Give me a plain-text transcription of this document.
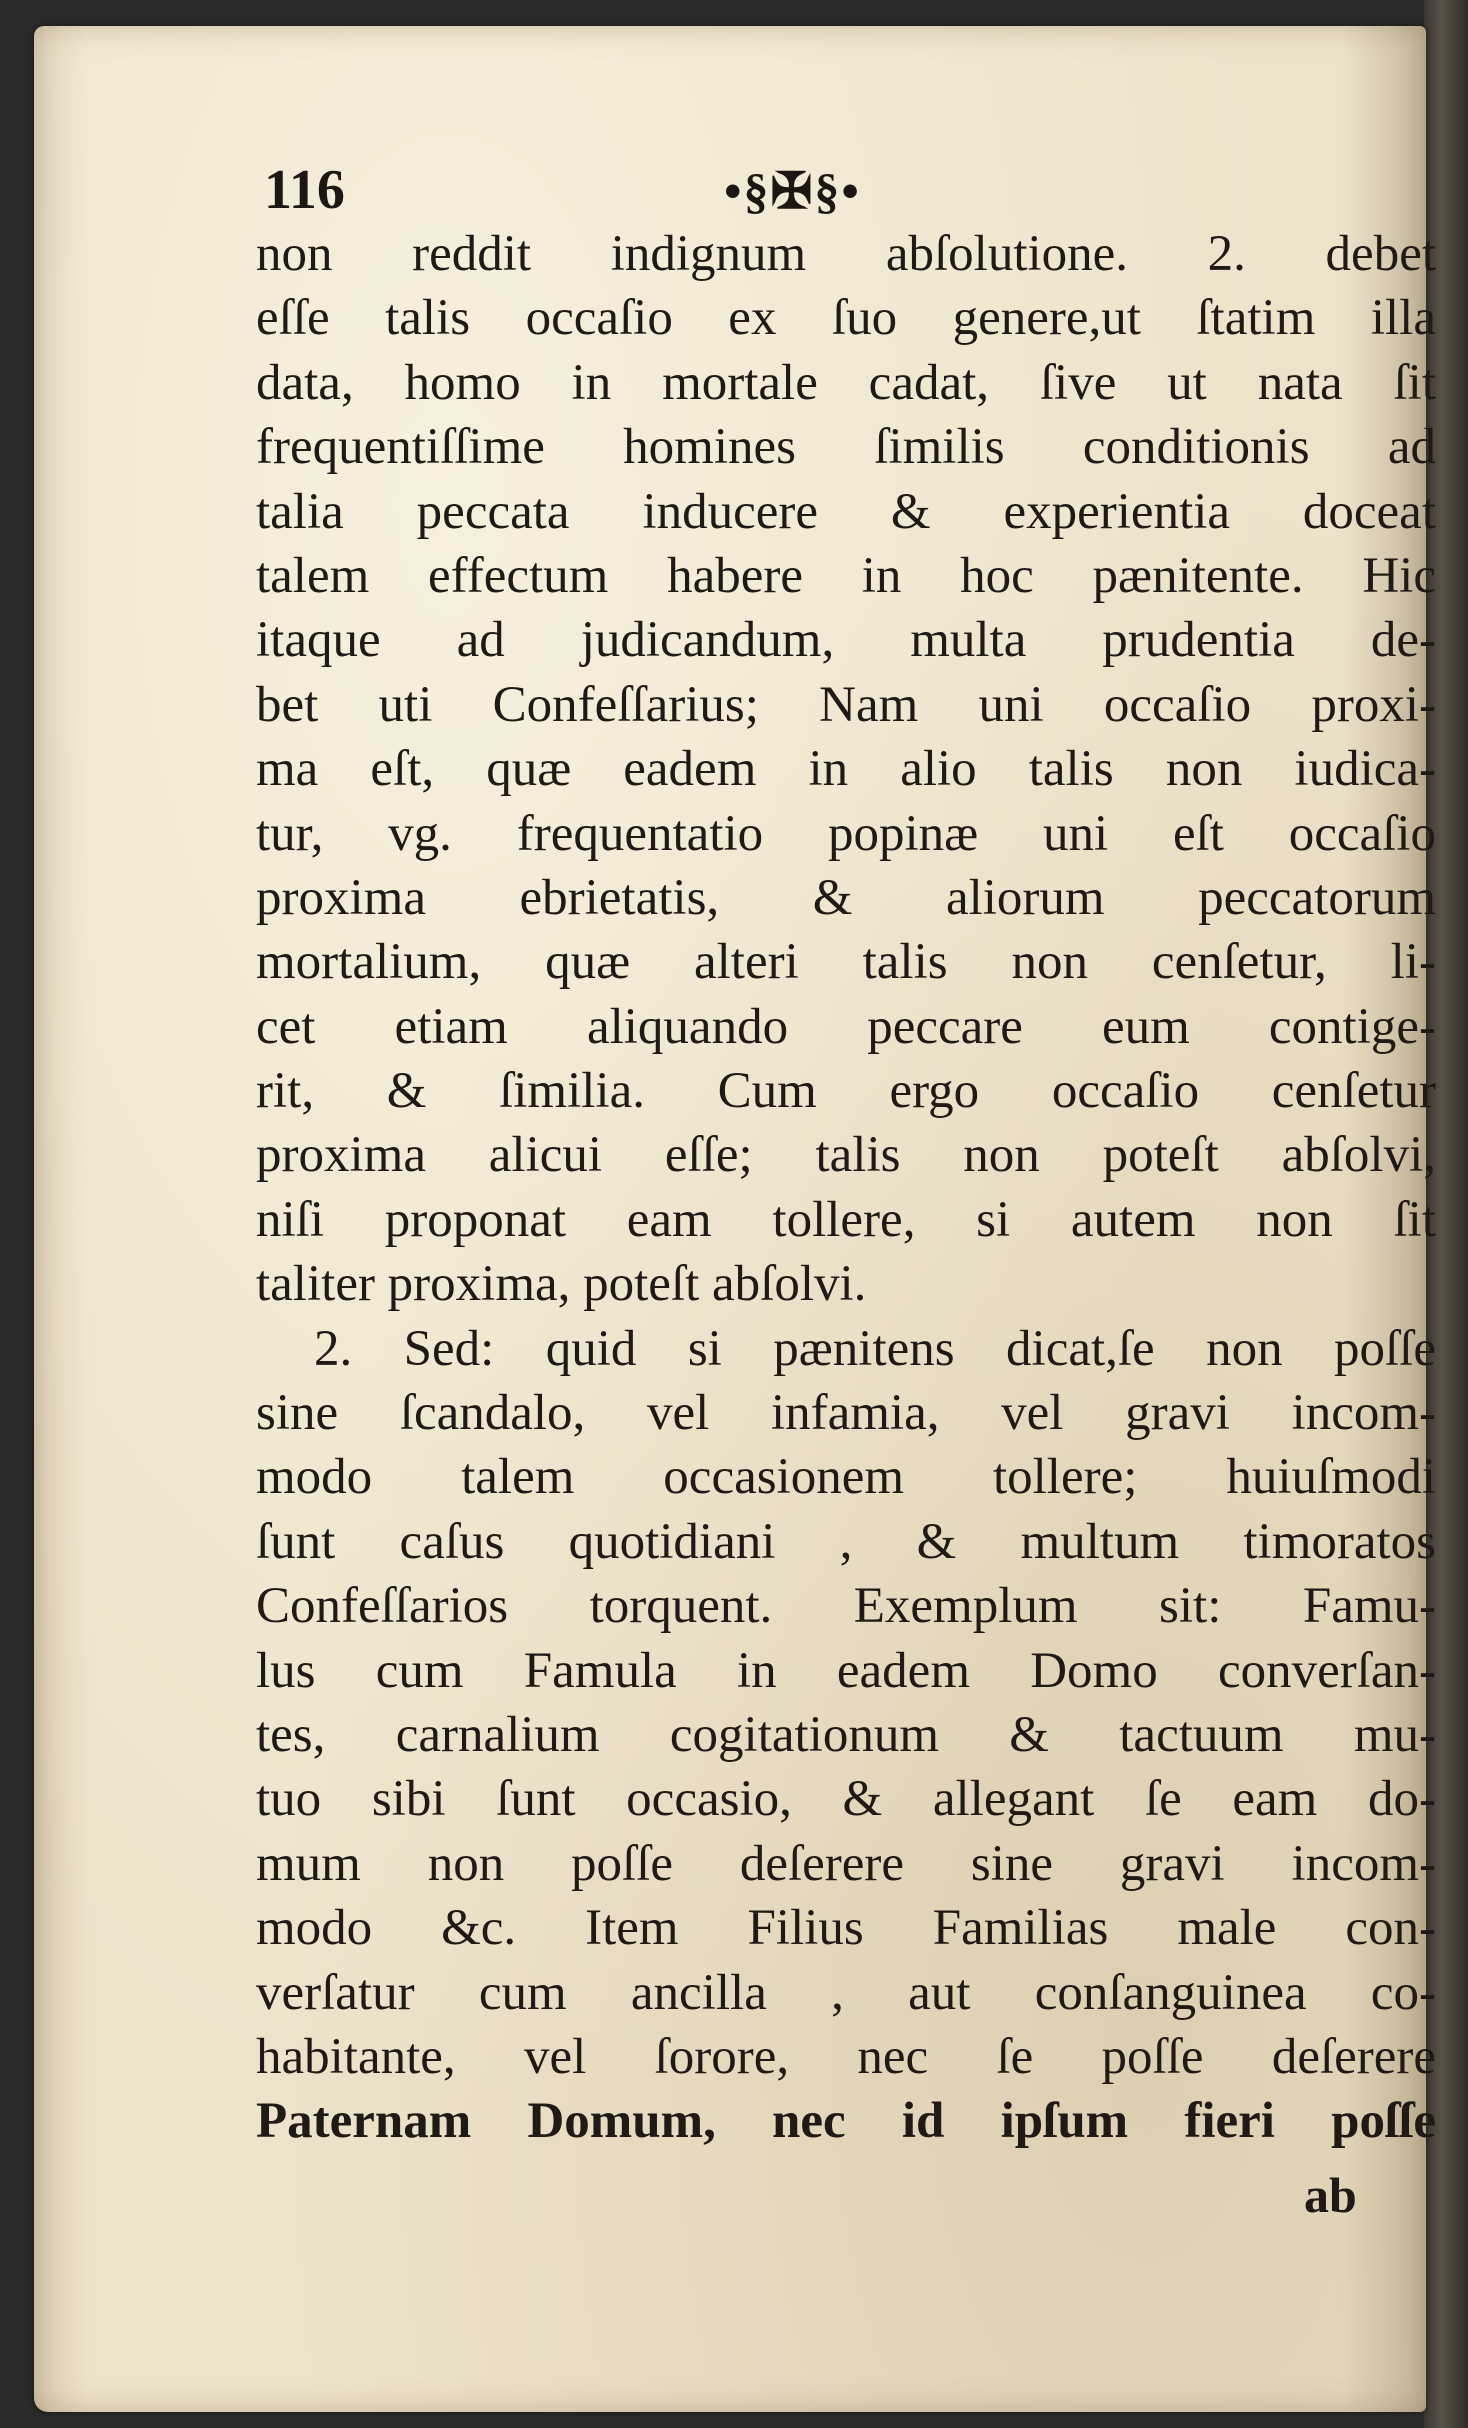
116	•§✠§•
non reddit indignum abſolutione. 2. debet
eſſe talis occaſio ex ſuo genere,ut ſtatim illa
data, homo in mortale cadat, ſive ut nata ſit
frequentiſſime homines ſimilis conditionis ad
talia peccata inducere & experientia doceat
talem effectum habere in hoc pænitente. Hic
itaque ad judicandum, multa prudentia de-
bet uti Confeſſarius; Nam uni occaſio proxi-
ma eſt, quæ eadem in alio talis non iudica-
tur, vg. frequentatio popinæ uni eſt occaſio
proxima ebrietatis, & aliorum peccatorum
mortalium, quæ alteri talis non cenſetur, li-
cet etiam aliquando peccare eum contige-
rit, & ſimilia. Cum ergo occaſio cenſetur
proxima alicui eſſe; talis non poteſt abſolvi,
niſi proponat eam tollere, si autem non ſit
taliter proxima, poteſt abſolvi.
2. Sed: quid si pænitens dicat,ſe non poſſe
sine ſcandalo, vel infamia, vel gravi incom-
modo talem occasionem tollere; huiuſmodi
ſunt caſus quotidiani , & multum timoratos
Confeſſarios torquent. Exemplum sit: Famu-
lus cum Famula in eadem Domo converſan-
tes, carnalium cogitationum & tactuum mu-
tuo sibi ſunt occasio, & allegant ſe eam do-
mum non poſſe deſerere sine gravi incom-
modo &c. Item Filius Familias male con-
verſatur cum ancilla , aut conſanguinea co-
habitante, vel ſorore, nec ſe poſſe deſerere
Paternam Domum, nec id ipſum fieri poſſe
ab
